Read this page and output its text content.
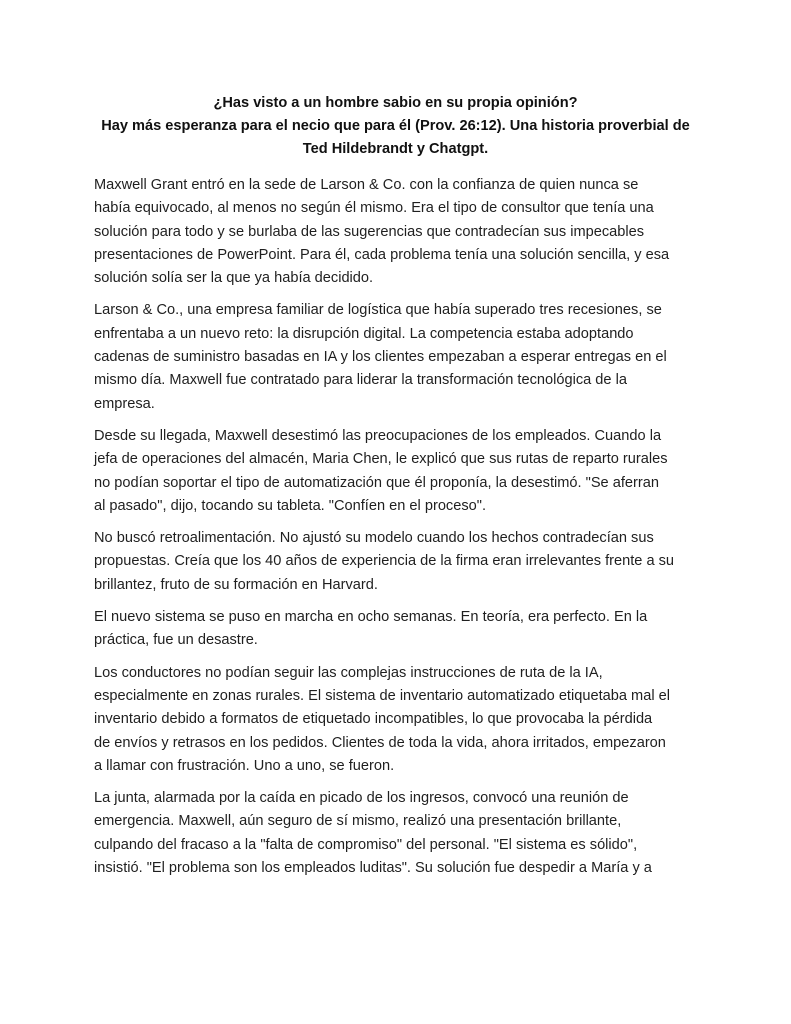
¿Has visto a un hombre sabio en su propia opinión?
Hay más esperanza para el necio que para él (Prov. 26:12). Una historia proverbial de
Ted Hildebrandt y Chatgpt.

Maxwell Grant entró en la sede de Larson & Co. con la confianza de quien nunca se
había equivocado, al menos no según él mismo. Era el tipo de consultor que tenía una
solución para todo y se burlaba de las sugerencias que contradecían sus impecables
presentaciones de PowerPoint. Para él, cada problema tenía una solución sencilla, y esa
solución solía ser la que ya había decidido.

Larson & Co., una empresa familiar de logística que había superado tres recesiones, se
enfrentaba a un nuevo reto: la disrupción digital. La competencia estaba adoptando
cadenas de suministro basadas en IA y los clientes empezaban a esperar entregas en el
mismo día. Maxwell fue contratado para liderar la transformación tecnológica de la
empresa.

Desde su llegada, Maxwell desestimó las preocupaciones de los empleados. Cuando la
jefa de operaciones del almacén, Maria Chen, le explicó que sus rutas de reparto rurales
no podían soportar el tipo de automatización que él proponía, la desestimó. "Se aferran
al pasado", dijo, tocando su tableta. "Confíen en el proceso".

No buscó retroalimentación. No ajustó su modelo cuando los hechos contradecían sus
propuestas. Creía que los 40 años de experiencia de la firma eran irrelevantes frente a su
brillantez, fruto de su formación en Harvard.

El nuevo sistema se puso en marcha en ocho semanas. En teoría, era perfecto. En la
práctica, fue un desastre.

Los conductores no podían seguir las complejas instrucciones de ruta de la IA,
especialmente en zonas rurales. El sistema de inventario automatizado etiquetaba mal el
inventario debido a formatos de etiquetado incompatibles, lo que provocaba la pérdida
de envíos y retrasos en los pedidos. Clientes de toda la vida, ahora irritados, empezaron
a llamar con frustración. Uno a uno, se fueron.

La junta, alarmada por la caída en picado de los ingresos, convocó una reunión de
emergencia. Maxwell, aún seguro de sí mismo, realizó una presentación brillante,
culpando del fracaso a la "falta de compromiso" del personal. "El sistema es sólido",
insistió. "El problema son los empleados luditas". Su solución fue despedir a María y a
